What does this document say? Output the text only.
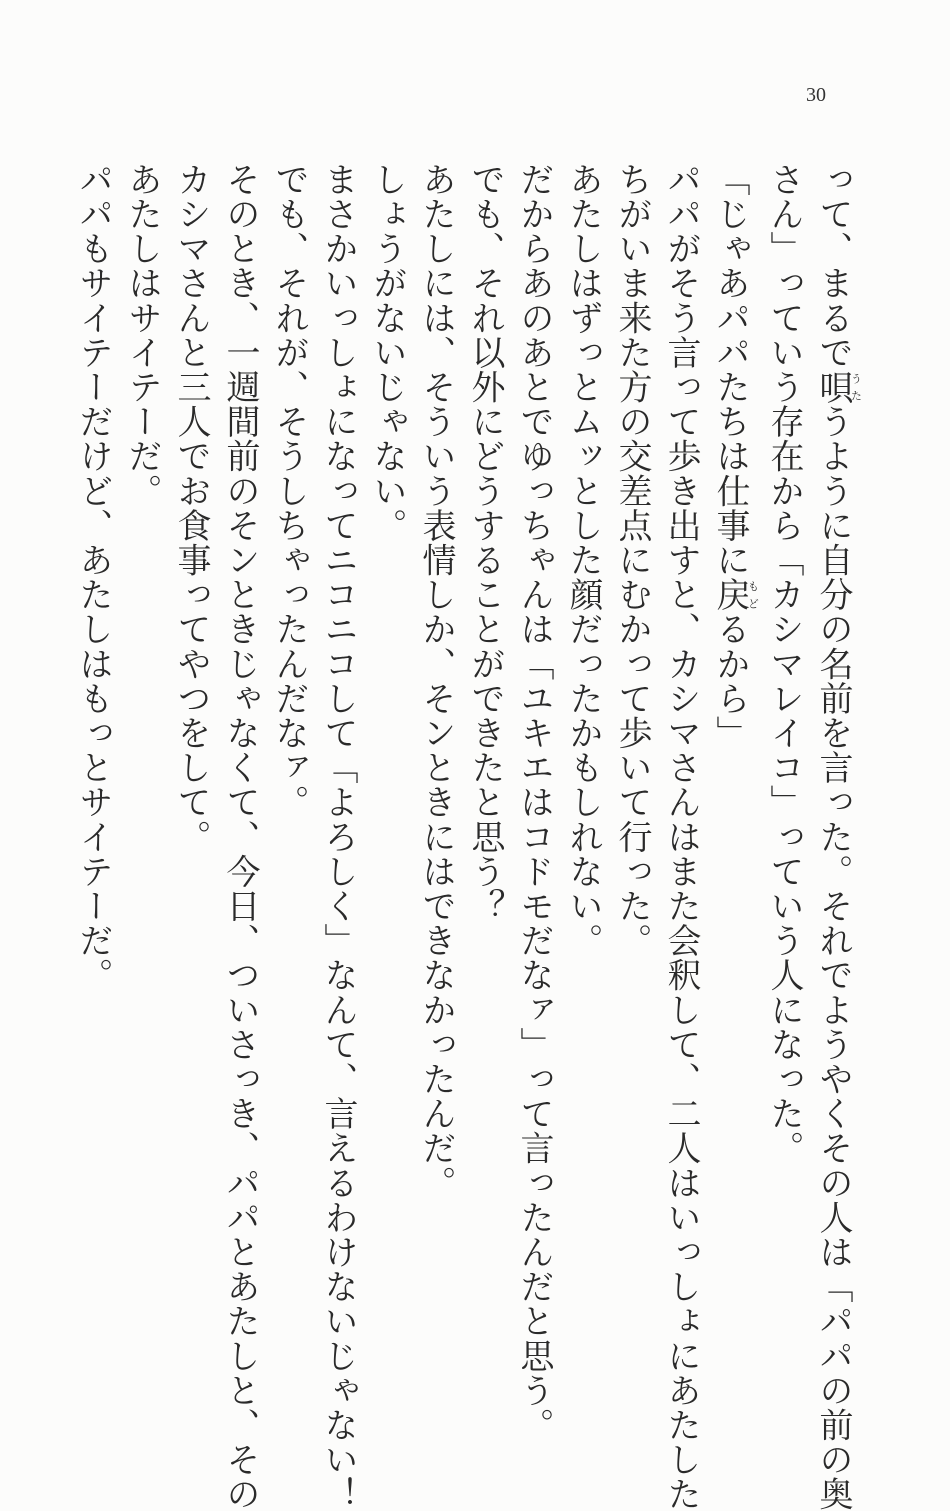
30
って、まるで唄うたうように自分の名前を言った。それでようやくその人は「パパの前の奥
さん」っていう存在から「カシマレイコ」っていう人になった。
「じゃあパパたちは仕事に戻もどるから」
パパがそう言って歩き出すと、カシマさんはまた会釈して、二人はいっしょにあたした
ちがいま来た方の交差点にむかって歩いて行った。
あたしはずっとムッとした顔だったかもしれない。
だからあのあとでゆっちゃんは「ユキエはコドモだなァ」って言ったんだと思う。
でも、それ以外にどうすることができたと思う？
あたしには、そういう表情しか、そンときにはできなかったんだ。
しょうがないじゃない。
まさかいっしょになってニコニコして「よろしく」なんて、言えるわけないじゃない！
でも、それが、そうしちゃったんだなァ。
そのとき、一週間前のそンときじゃなくて、今日、ついさっき、パパとあたしと、その
カシマさんと三人でお食事ってやつをして。
あたしはサイテーだ。
パパもサイテーだけど、あたしはもっとサイテーだ。
